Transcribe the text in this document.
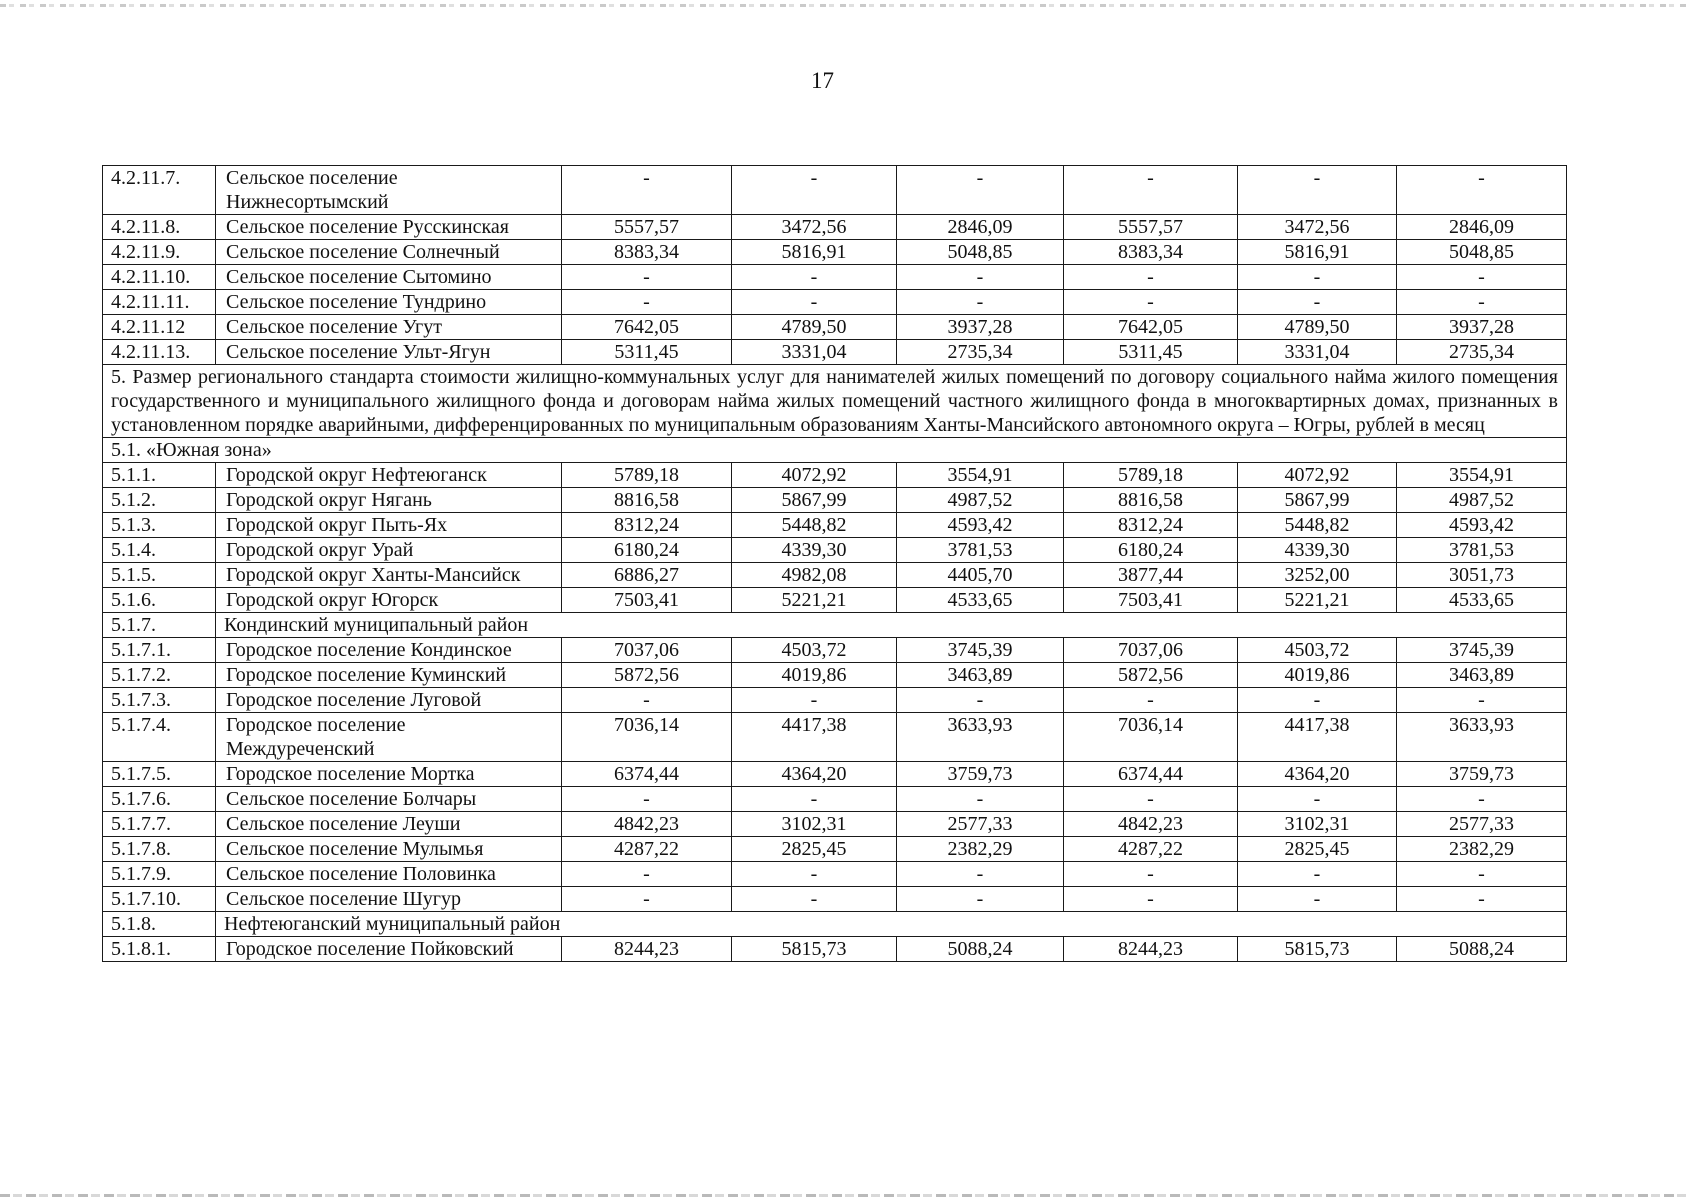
17
4.2.11.7.	Сельское поселение Нижнесортымский	-	-	-	-	-	-
4.2.11.8.	Сельское поселение Русскинская	5557,57	3472,56	2846,09	5557,57	3472,56	2846,09
4.2.11.9.	Сельское поселение Солнечный	8383,34	5816,91	5048,85	8383,34	5816,91	5048,85
4.2.11.10.	Сельское поселение Сытомино	-	-	-	-	-	-
4.2.11.11.	Сельское поселение Тундрино	-	-	-	-	-	-
4.2.11.12	Сельское поселение Угут	7642,05	4789,50	3937,28	7642,05	4789,50	3937,28
4.2.11.13.	Сельское поселение Ульт-Ягун	5311,45	3331,04	2735,34	5311,45	3331,04	2735,34
5. Размер регионального стандарта стоимости жилищно-коммунальных услуг для нанимателей жилых помещений по договору социального найма жилого помещения государственного и муниципального жилищного фонда и договорам найма жилых помещений частного жилищного фонда в многоквартирных домах, признанных в установленном порядке аварийными, дифференцированных по муниципальным образованиям Ханты-Мансийского автономного округа – Югры, рублей в месяц							
5.1. «Южная зона»							
5.1.1.	Городской округ Нефтеюганск	5789,18	4072,92	3554,91	5789,18	4072,92	3554,91
5.1.2.	Городской округ Нягань	8816,58	5867,99	4987,52	8816,58	5867,99	4987,52
5.1.3.	Городской округ Пыть-Ях	8312,24	5448,82	4593,42	8312,24	5448,82	4593,42
5.1.4.	Городской округ Урай	6180,24	4339,30	3781,53	6180,24	4339,30	3781,53
5.1.5.	Городской округ Ханты-Мансийск	6886,27	4982,08	4405,70	3877,44	3252,00	3051,73
5.1.6.	Городской округ Югорск	7503,41	5221,21	4533,65	7503,41	5221,21	4533,65
5.1.7.	Кондинский муниципальный район						
5.1.7.1.	Городское поселение Кондинское	7037,06	4503,72	3745,39	7037,06	4503,72	3745,39
5.1.7.2.	Городское поселение Куминский	5872,56	4019,86	3463,89	5872,56	4019,86	3463,89
5.1.7.3.	Городское поселение Луговой	-	-	-	-	-	-
5.1.7.4.	Городское поселение Междуреченский	7036,14	4417,38	3633,93	7036,14	4417,38	3633,93
5.1.7.5.	Городское поселение Мортка	6374,44	4364,20	3759,73	6374,44	4364,20	3759,73
5.1.7.6.	Сельское поселение Болчары	-	-	-	-	-	-
5.1.7.7.	Сельское поселение Леуши	4842,23	3102,31	2577,33	4842,23	3102,31	2577,33
5.1.7.8.	Сельское поселение Мулымья	4287,22	2825,45	2382,29	4287,22	2825,45	2382,29
5.1.7.9.	Сельское поселение Половинка	-	-	-	-	-	-
5.1.7.10.	Сельское поселение Шугур	-	-	-	-	-	-
5.1.8.	Нефтеюганский муниципальный район						
5.1.8.1.	Городское поселение Пойковский	8244,23	5815,73	5088,24	8244,23	5815,73	5088,24
